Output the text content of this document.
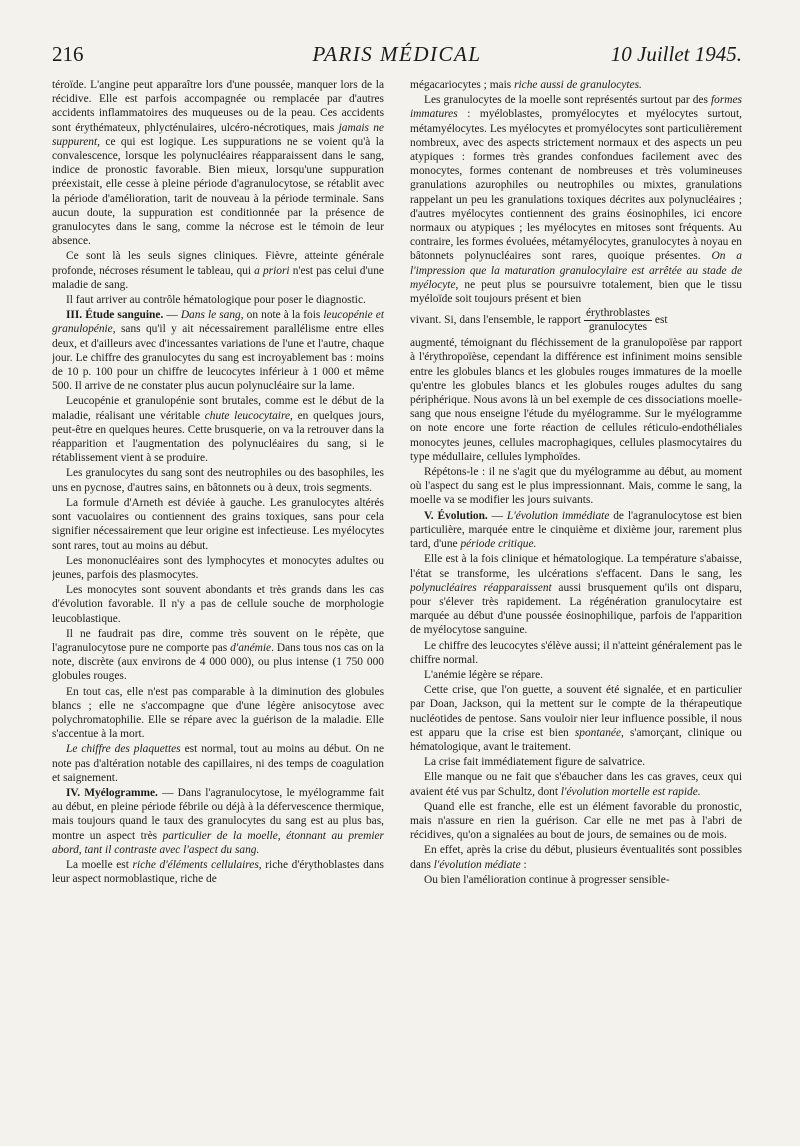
216	PARIS MÉDICAL	10 Juillet 1945.

téroïde. L'angine peut apparaître lors d'une poussée, manquer lors de la récidive. Elle est parfois accompagnée ou remplacée par d'autres accidents inflammatoires des muqueuses ou de la peau. Ces accidents sont érythémateux, phlycténulaires, ulcéro-nécrotiques, mais jamais ne suppurent, ce qui est logique. Les suppurations ne se voient qu'à la convalescence, lorsque les polynucléaires réapparaissent dans le sang, indice de pronostic favorable. Bien mieux, lorsqu'une suppuration préexistait, elle cesse à pleine période d'agranulocytose, se rétablit avec la période d'amélioration, tarit de nouveau à la période terminale. Sans aucun doute, la suppuration est conditionnée par la présence de granulocytes dans le sang, comme la nécrose est le témoin de leur absence.

Ce sont là les seuls signes cliniques. Fièvre, atteinte générale profonde, nécroses résument le tableau, qui a priori n'est pas celui d'une maladie de sang.

Il faut arriver au contrôle hématologique pour poser le diagnostic.

III. Étude sanguine. — Dans le sang, on note à la fois leucopénie et granulopénie, sans qu'il y ait nécessairement parallélisme entre elles deux, et d'ailleurs avec d'incessantes variations de l'une et l'autre, chaque jour. Le chiffre des granulocytes du sang est incroyablement bas : moins de 10 p. 100 pour un chiffre de leucocytes inférieur à 1 000 et même 500. Il arrive de ne constater plus aucun polynucléaire sur la lame.

Leucopénie et granulopénie sont brutales, comme est le début de la maladie, réalisant une véritable chute leucocytaire, en quelques jours, peut-être en quelques heures. Cette brusquerie, on va la retrouver dans la réapparition et l'augmentation des polynucléaires du sang, si le rétablissement vient à se produire.

Les granulocytes du sang sont des neutrophiles ou des basophiles, les uns en pycnose, d'autres sains, en bâtonnets ou à deux, trois segments.

La formule d'Arneth est déviée à gauche. Les granulocytes altérés sont vacuolaires ou contiennent des grains toxiques, sans pour cela signifier nécessairement que leur origine est infectieuse. Les myélocytes sont rares, tout au moins au début.

Les mononucléaires sont des lymphocytes et monocytes adultes ou jeunes, parfois des plasmocytes.

Les monocytes sont souvent abondants et très grands dans les cas d'évolution favorable. Il n'y a pas de cellule souche de morphologie leucoblastique.

Il ne faudrait pas dire, comme très souvent on le répète, que l'agranulocytose pure ne comporte pas d'anémie. Dans tous nos cas on la note, discrète (aux environs de 4 000 000), ou plus intense (1 750 000 globules rouges.

En tout cas, elle n'est pas comparable à la diminution des globules blancs ; elle ne s'accompagne que d'une légère anisocytose avec polychromatophilie. Elle se répare avec la guérison de la maladie. Elle s'accentue à la mort.

Le chiffre des plaquettes est normal, tout au moins au début. On ne note pas d'altération notable des capillaires, ni des temps de coagulation et saignement.

IV. Myélogramme. — Dans l'agranulocytose, le myélogramme fait au début, en pleine période fébrile ou déjà à la défervescence thermique, mais toujours quand le taux des granulocytes du sang est au plus bas, montre un aspect très particulier de la moelle, étonnant au premier abord, tant il contraste avec l'aspect du sang.

La moelle est riche d'éléments cellulaires, riche d'érythoblastes dans leur aspect normoblastique, riche de

mégacariocytes ; mais riche aussi de granulocytes.

Les granulocytes de la moelle sont représentés surtout par des formes immatures : myéloblastes, promyélocytes et myélocytes surtout, métamyélocytes. Les myélocytes et promyélocytes sont particulièrement nombreux, avec des aspects strictement normaux et des aspects un peu atypiques : formes très grandes confondues facilement avec des monocytes, formes contenant de nombreuses et très volumineuses granulations azurophiles ou neutrophiles ou mixtes, granulations rappelant un peu les granulations toxiques décrites aux polynucléaires ; d'autres myélocytes contiennent des grains éosinophiles, ici encore normaux ou atypiques ; les myélocytes en mitoses sont fréquents. Au contraire, les formes évoluées, métamyélocytes, granulocytes à noyau en bâtonnets polynucléaires sont rares, quoique présentes. On a l'impression que la maturation granulocylaire est arrêtée au stade de myélocyte, ne peut plus se poursuivre totalement, bien que le tissu myéloïde soit toujours présent et bien

vivant. Si, dans l'ensemble, le rapport $\frac{\text{érythroblastes}}{\text{granulocytes}}$ est

augmenté, témoignant du fléchissement de la granulopoïèse par rapport à l'érythropoïèse, cependant la différence est infiniment moins sensible entre les globules blancs et les globules rouges immatures de la moelle qu'entre les globules blancs et les globules rouges adultes du sang périphérique. Nous avons là un bel exemple de ces dissociations moelle-sang que nous enseigne l'étude du myélogramme. Sur le myélogramme on note encore une forte réaction de cellules réticulo-endothéliales monocytes jeunes, cellules macrophagiques, cellules plasmocytaires du type médullaire, cellules lymphoïdes.

Répétons-le : il ne s'agit que du myélogramme au début, au moment où l'aspect du sang est le plus impressionnant. Mais, comme le sang, la moelle va se modifier les jours suivants.

V. Évolution. — L'évolution immédiate de l'agranulocytose est bien particulière, marquée entre le cinquième et dixième jour, rarement plus tard, d'une période critique.

Elle est à la fois clinique et hématologique. La température s'abaisse, l'état se transforme, les ulcérations s'effacent. Dans le sang, les polynucléaires réapparaissent aussi brusquement qu'ils ont disparu, pour s'élever très rapidement. La régénération granulocytaire est marquée au début d'une poussée éosinophilique, parfois de l'apparition de myélocytose sanguine.

Le chiffre des leucocytes s'élève aussi; il n'atteint généralement pas le chiffre normal.

L'anémie légère se répare.

Cette crise, que l'on guette, a souvent été signalée, et en particulier par Doan, Jackson, qui la mettent sur le compte de la thérapeutique nucléotides de pentose. Sans vouloir nier leur influence possible, il nous est apparu que la crise est bien spontanée, s'amorçant, clinique ou hématologique, avant le traitement.

La crise fait immédiatement figure de salvatrice.

Elle manque ou ne fait que s'ébaucher dans les cas graves, ceux qui avaient été vus par Schultz, dont l'évolution mortelle est rapide.

Quand elle est franche, elle est un élément favorable du pronostic, mais n'assure en rien la guérison. Car elle ne met pas à l'abri de récidives, qu'on a signalées au bout de jours, de semaines ou de mois.

En effet, après la crise du début, plusieurs éventualités sont possibles dans l'évolution médiate :

Ou bien l'amélioration continue à progresser sensible-
